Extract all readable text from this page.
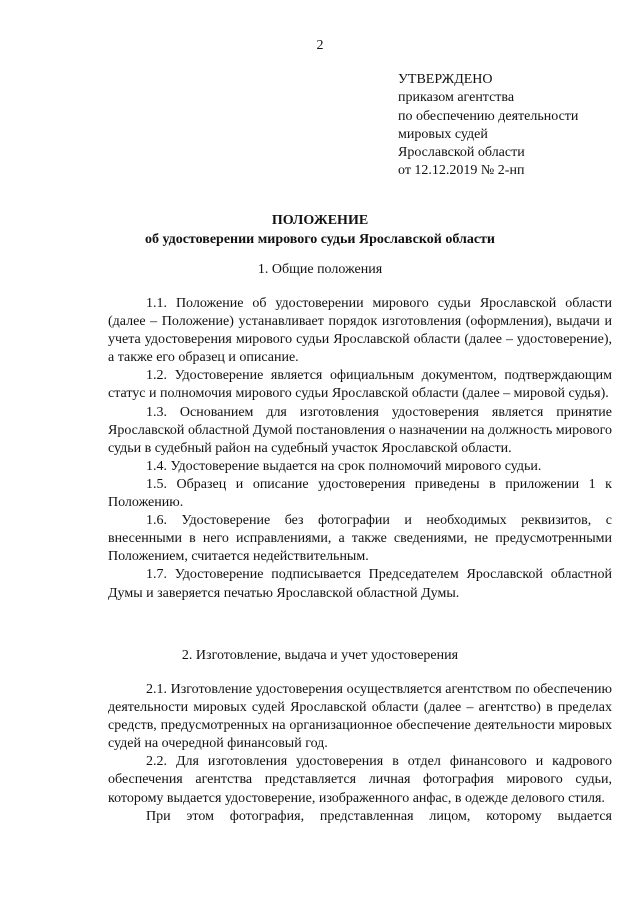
2
УТВЕРЖДЕНО
приказом агентства
по обеспечению деятельности
мировых судей
Ярославской области
от 12.12.2019 № 2-нп
ПОЛОЖЕНИЕ
об удостоверении мирового судьи Ярославской области
1. Общие положения

1.1. Положение об удостоверении мирового судьи Ярославской области (далее – Положение) устанавливает порядок изготовления (оформления), выдачи и учета удостоверения мирового судьи Ярославской области (далее – удостоверение), а также его образец и описание.

1.2. Удостоверение является официальным документом, подтверждающим статус и полномочия мирового судьи Ярославской области (далее – мировой судья).

1.3. Основанием для изготовления удостоверения является принятие Ярославской областной Думой постановления о назначении на должность мирового судьи в судебный район на судебный участок Ярославской области.

1.4. Удостоверение выдается на срок полномочий мирового судьи.

1.5. Образец и описание удостоверения приведены в приложении 1 к Положению.

1.6. Удостоверение без фотографии и необходимых реквизитов, с внесенными в него исправлениями, а также сведениями, не предусмотренными Положением, считается недействительным.

1.7. Удостоверение подписывается Председателем Ярославской областной Думы и заверяется печатью Ярославской областной Думы.

2. Изготовление, выдача и учет удостоверения

2.1. Изготовление удостоверения осуществляется агентством по обеспечению деятельности мировых судей Ярославской области (далее – агентство) в пределах средств, предусмотренных на организационное обеспечение деятельности мировых судей на очередной финансовый год.

2.2. Для изготовления удостоверения в отдел финансового и кадрового обеспечения агентства представляется личная фотография мирового судьи, которому выдается удостоверение, изображенного анфас, в одежде делового стиля.

При этом фотография, представленная лицом, которому выдается
